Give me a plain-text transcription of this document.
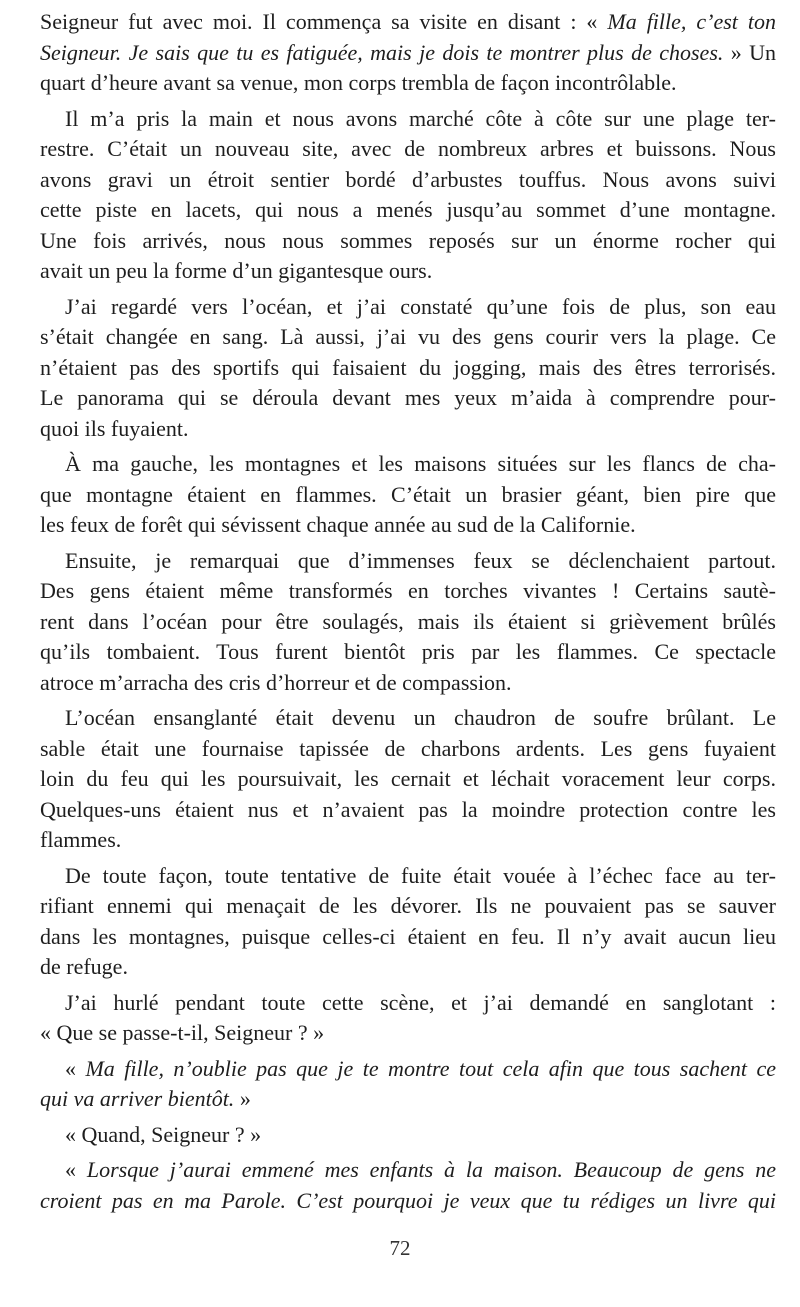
Seigneur fut avec moi. Il commença sa visite en disant : « Ma fille, c’est ton
Seigneur. Je sais que tu es fatiguée, mais je dois te montrer plus de choses. » Un
quart d’heure avant sa venue, mon corps trembla de façon incontrôlable.
Il m’a pris la main et nous avons marché côte à côte sur une plage ter-
restre. C’était un nouveau site, avec de nombreux arbres et buissons. Nous
avons gravi un étroit sentier bordé d’arbustes touffus. Nous avons suivi
cette piste en lacets, qui nous a menés jusqu’au sommet d’une montagne.
Une fois arrivés, nous nous sommes reposés sur un énorme rocher qui
avait un peu la forme d’un gigantesque ours.
J’ai regardé vers l’océan, et j’ai constaté qu’une fois de plus, son eau
s’était changée en sang. Là aussi, j’ai vu des gens courir vers la plage. Ce
n’étaient pas des sportifs qui faisaient du jogging, mais des êtres terrorisés.
Le panorama qui se déroula devant mes yeux m’aida à comprendre pour-
quoi ils fuyaient.
À ma gauche, les montagnes et les maisons situées sur les flancs de cha-
que montagne étaient en flammes. C’était un brasier géant, bien pire que
les feux de forêt qui sévissent chaque année au sud de la Californie.
Ensuite, je remarquai que d’immenses feux se déclenchaient partout.
Des gens étaient même transformés en torches vivantes ! Certains sautè-
rent dans l’océan pour être soulagés, mais ils étaient si grièvement brûlés
qu’ils tombaient. Tous furent bientôt pris par les flammes. Ce spectacle
atroce m’arracha des cris d’horreur et de compassion.
L’océan ensanglanté était devenu un chaudron de soufre brûlant. Le
sable était une fournaise tapissée de charbons ardents. Les gens fuyaient
loin du feu qui les poursuivait, les cernait et léchait voracement leur corps.
Quelques-uns étaient nus et n’avaient pas la moindre protection contre les
flammes.
De toute façon, toute tentative de fuite était vouée à l’échec face au ter-
rifiant ennemi qui menaçait de les dévorer. Ils ne pouvaient pas se sauver
dans les montagnes, puisque celles-ci étaient en feu. Il n’y avait aucun lieu
de refuge.
J’ai hurlé pendant toute cette scène, et j’ai demandé en sanglotant :
« Que se passe-t-il, Seigneur ? »
« Ma fille, n’oublie pas que je te montre tout cela afin que tous sachent ce
qui va arriver bientôt. »
« Quand, Seigneur ? »
« Lorsque j’aurai emmené mes enfants à la maison. Beaucoup de gens ne
croient pas en ma Parole. C’est pourquoi je veux que tu rédiges un livre qui
72
